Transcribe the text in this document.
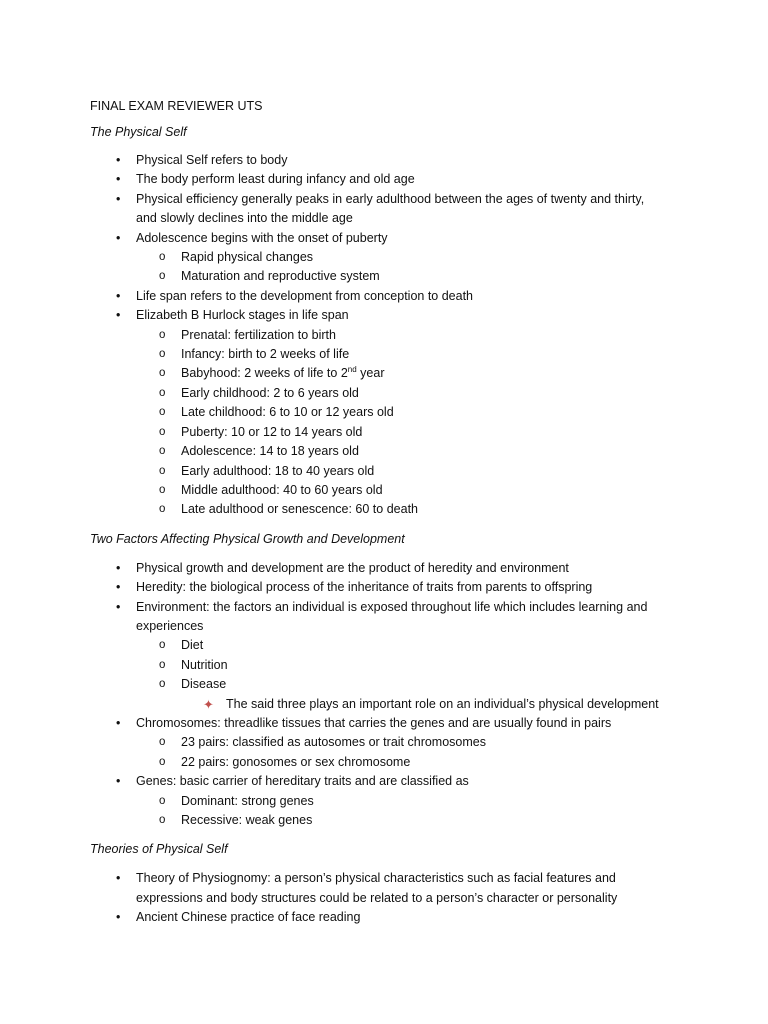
FINAL EXAM REVIEWER UTS
The Physical Self
• Physical Self refers to body
• The body perform least during infancy and old age
• Physical efficiency generally peaks in early adulthood between the ages of twenty and thirty,
and slowly declines into the middle age
• Adolescence begins with the onset of puberty
o Rapid physical changes
o Maturation and reproductive system
• Life span refers to the development from conception to death
• Elizabeth B Hurlock stages in life span
o Prenatal: fertilization to birth
o Infancy: birth to 2 weeks of life
o Babyhood: 2 weeks of life to 2nd year
o Early childhood: 2 to 6 years old
o Late childhood: 6 to 10 or 12 years old
o Puberty: 10 or 12 to 14 years old
o Adolescence: 14 to 18 years old
o Early adulthood: 18 to 40 years old
o Middle adulthood: 40 to 60 years old
o Late adulthood or senescence: 60 to death
Two Factors Affecting Physical Growth and Development
• Physical growth and development are the product of heredity and environment
• Heredity: the biological process of the inheritance of traits from parents to offspring
• Environment: the factors an individual is exposed throughout life which includes learning and
experiences
o Diet
o Nutrition
o Disease
✦ The said three plays an important role on an individual’s physical development
• Chromosomes: threadlike tissues that carries the genes and are usually found in pairs
o 23 pairs: classified as autosomes or trait chromosomes
o 22 pairs: gonosomes or sex chromosome
• Genes: basic carrier of hereditary traits and are classified as
o Dominant: strong genes
o Recessive: weak genes
Theories of Physical Self
• Theory of Physiognomy: a person’s physical characteristics such as facial features and
expressions and body structures could be related to a person’s character or personality
• Ancient Chinese practice of face reading
